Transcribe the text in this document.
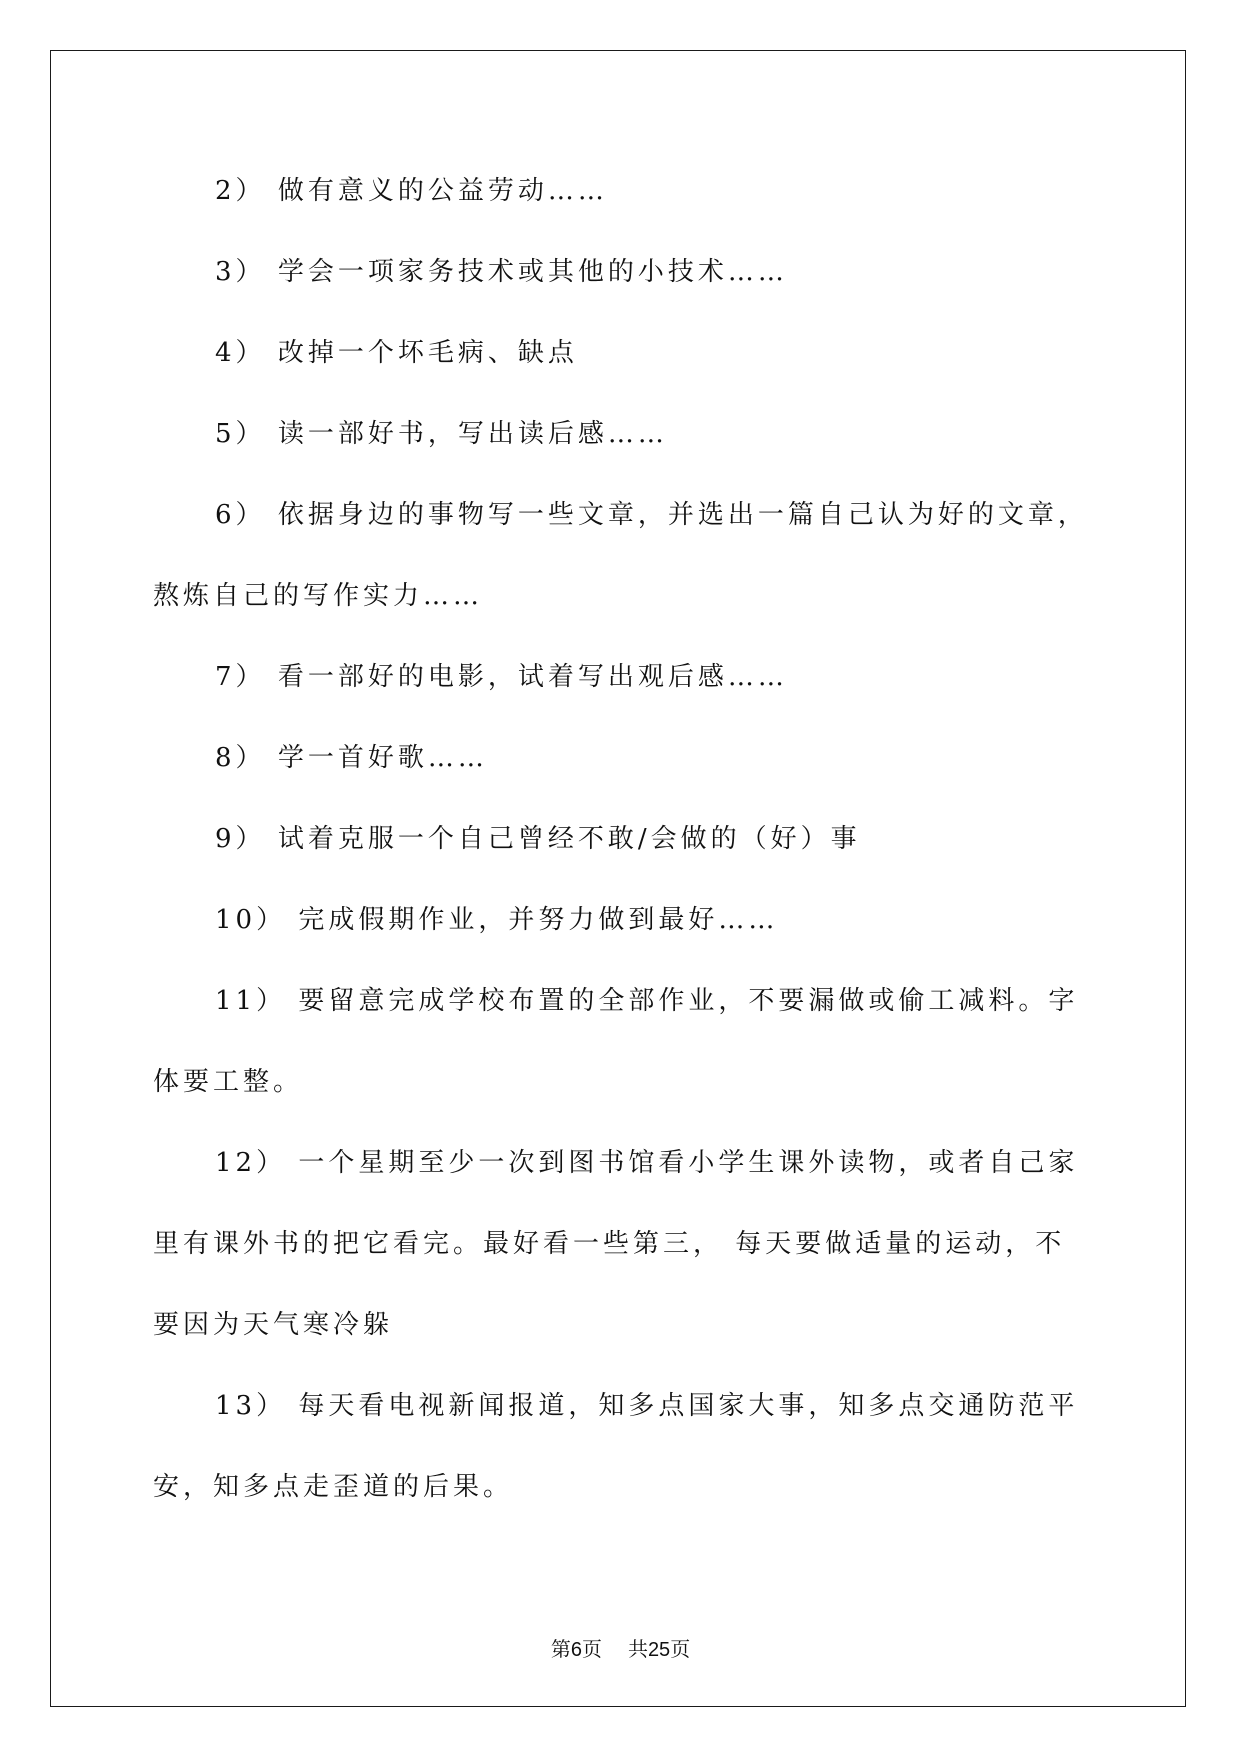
2） 做有意义的公益劳动……
3） 学会一项家务技术或其他的小技术……
4） 改掉一个坏毛病、缺点
5） 读一部好书，写出读后感……
6） 依据身边的事物写一些文章，并选出一篇自己认为好的文章，
熬炼自己的写作实力……
7） 看一部好的电影，试着写出观后感……
8） 学一首好歌……
9） 试着克服一个自己曾经不敢/会做的（好）事
10） 完成假期作业，并努力做到最好……
11） 要留意完成学校布置的全部作业，不要漏做或偷工减料。字
体要工整。
12） 一个星期至少一次到图书馆看小学生课外读物，或者自己家
里有课外书的把它看完。最好看一些第三， 每天要做适量的运动，不
要因为天气寒冷躲
13） 每天看电视新闻报道，知多点国家大事，知多点交通防范平
安，知多点走歪道的后果。
第6页 共25页
